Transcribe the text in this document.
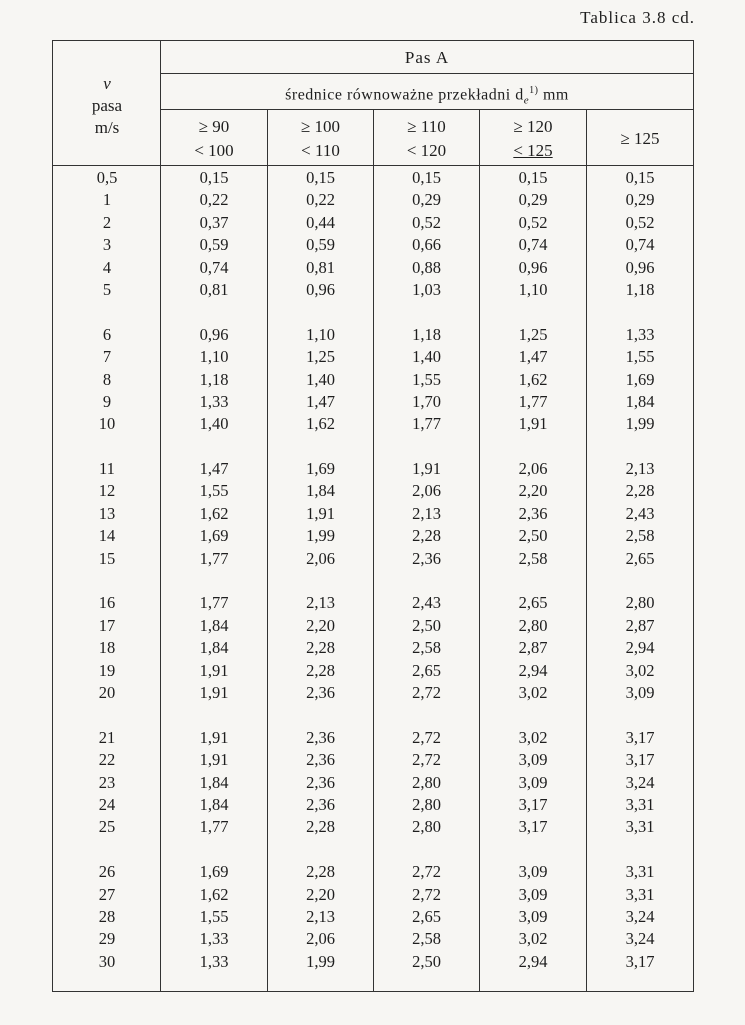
Tablica 3.8 cd.
v
pasa
m/s
Pas A
średnice równoważne przekładni $d_e^{1)}$ mm
≥ 90
< 100
≥ 100
< 110
≥ 110
< 120
≥ 120
< 125
≥ 125
0,5
1
2
3
4
5
6
7
8
9
10
11
12
13
14
15
16
17
18
19
20
21
22
23
24
25
26
27
28
29
30
0,15
0,22
0,37
0,59
0,74
0,81
0,96
1,10
1,18
1,33
1,40
1,47
1,55
1,62
1,69
1,77
1,77
1,84
1,84
1,91
1,91
1,91
1,91
1,84
1,84
1,77
1,69
1,62
1,55
1,33
1,33
0,15
0,22
0,44
0,59
0,81
0,96
1,10
1,25
1,40
1,47
1,62
1,69
1,84
1,91
1,99
2,06
2,13
2,20
2,28
2,28
2,36
2,36
2,36
2,36
2,36
2,28
2,28
2,20
2,13
2,06
1,99
0,15
0,29
0,52
0,66
0,88
1,03
1,18
1,40
1,55
1,70
1,77
1,91
2,06
2,13
2,28
2,36
2,43
2,50
2,58
2,65
2,72
2,72
2,72
2,80
2,80
2,80
2,72
2,72
2,65
2,58
2,50
0,15
0,29
0,52
0,74
0,96
1,10
1,25
1,47
1,62
1,77
1,91
2,06
2,20
2,36
2,50
2,58
2,65
2,80
2,87
2,94
3,02
3,02
3,09
3,09
3,17
3,17
3,09
3,09
3,09
3,02
2,94
0,15
0,29
0,52
0,74
0,96
1,18
1,33
1,55
1,69
1,84
1,99
2,13
2,28
2,43
2,58
2,65
2,80
2,87
2,94
3,02
3,09
3,17
3,17
3,24
3,31
3,31
3,31
3,31
3,24
3,24
3,17
